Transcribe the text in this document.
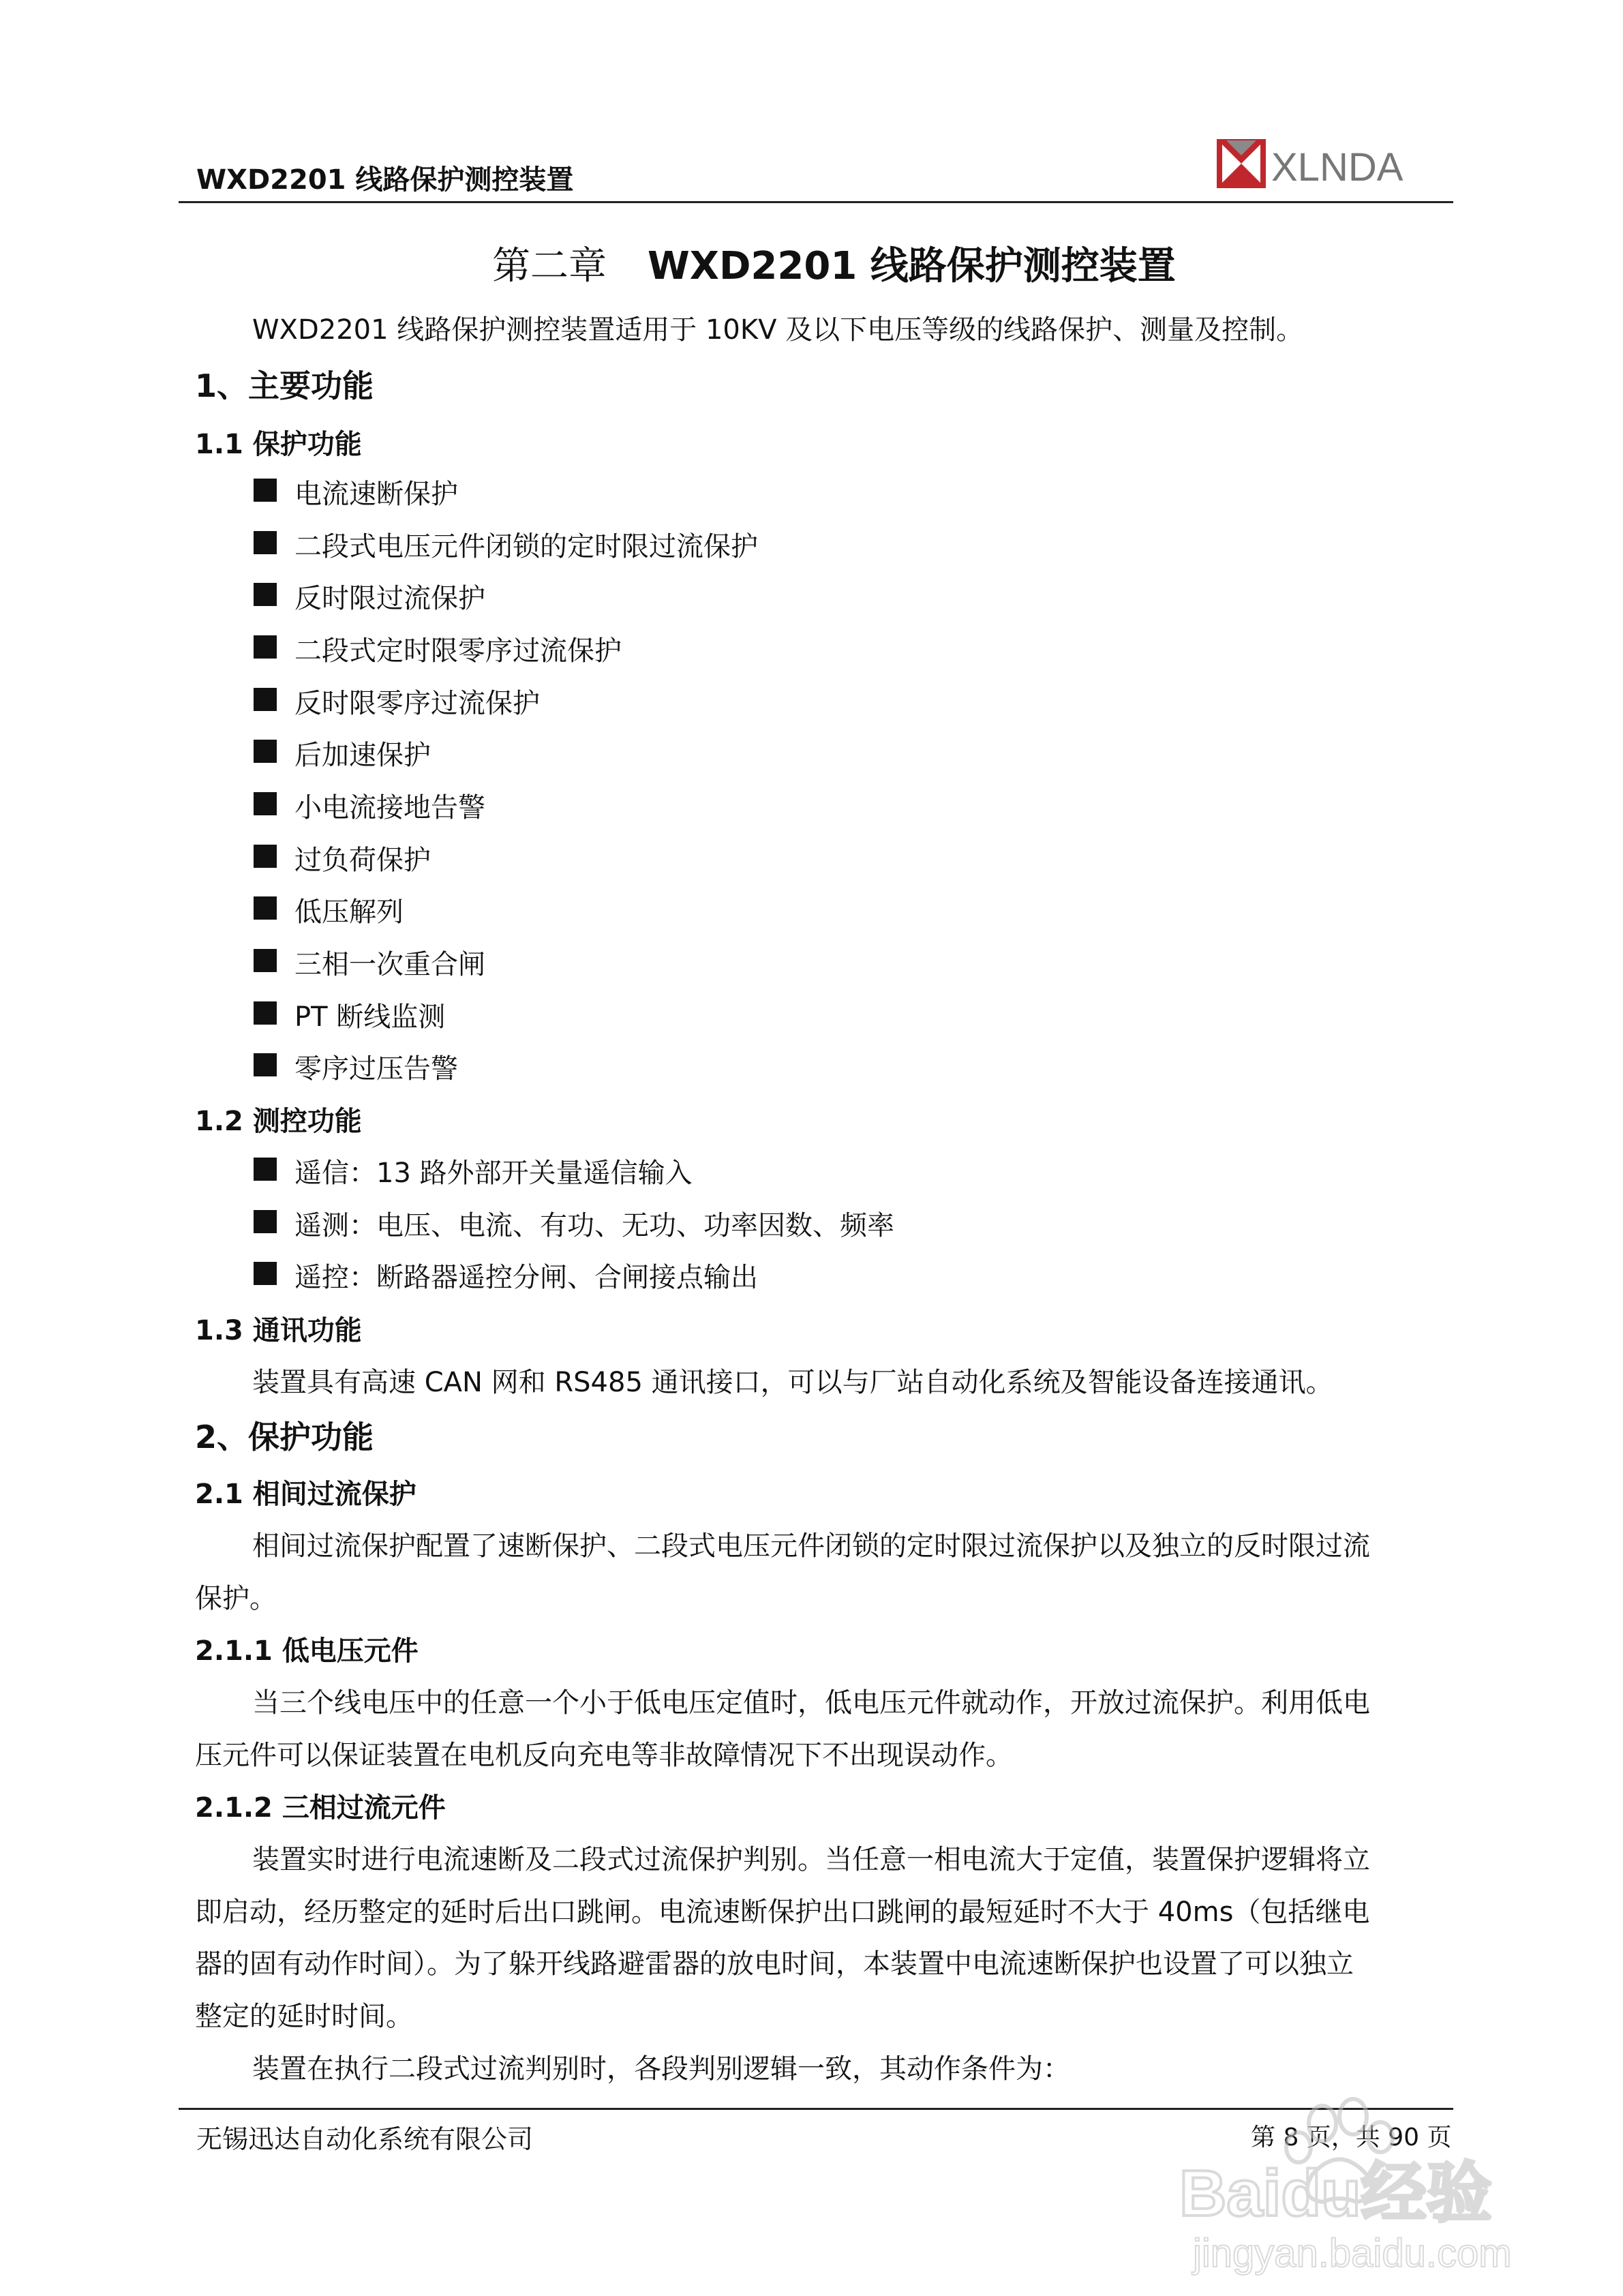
WXD2201 线路保护测控装置	XLNDA
第二章 WXD2201 线路保护测控装置
WXD2201 线路保护测控装置适用于 10KV 及以下电压等级的线路保护、测量及控制。
1、主要功能
1.1 保护功能
电流速断保护
二段式电压元件闭锁的定时限过流保护
反时限过流保护
二段式定时限零序过流保护
反时限零序过流保护
后加速保护
小电流接地告警
过负荷保护
低压解列
三相一次重合闸
PT 断线监测
零序过压告警
1.2 测控功能
遥信：13 路外部开关量遥信输入
遥测：电压、电流、有功、无功、功率因数、频率
遥控：断路器遥控分闸、合闸接点输出
1.3 通讯功能
装置具有高速 CAN 网和 RS485 通讯接口，可以与厂站自动化系统及智能设备连接通讯。
2、保护功能
2.1 相间过流保护
相间过流保护配置了速断保护、二段式电压元件闭锁的定时限过流保护以及独立的反时限过流
保护。
2.1.1 低电压元件
当三个线电压中的任意一个小于低电压定值时，低电压元件就动作，开放过流保护。利用低电
压元件可以保证装置在电机反向充电等非故障情况下不出现误动作。
2.1.2 三相过流元件
装置实时进行电流速断及二段式过流保护判别。当任意一相电流大于定值，装置保护逻辑将立
即启动，经历整定的延时后出口跳闸。电流速断保护出口跳闸的最短延时不大于 40ms（包括继电
器的固有动作时间）。为了躲开线路避雷器的放电时间，本装置中电流速断保护也设置了可以独立
整定的延时时间。
装置在执行二段式过流判别时，各段判别逻辑一致，其动作条件为：
无锡迅达自动化系统有限公司	第 8 页，共 90 页
Baidu经验
jingyan.baidu.com
